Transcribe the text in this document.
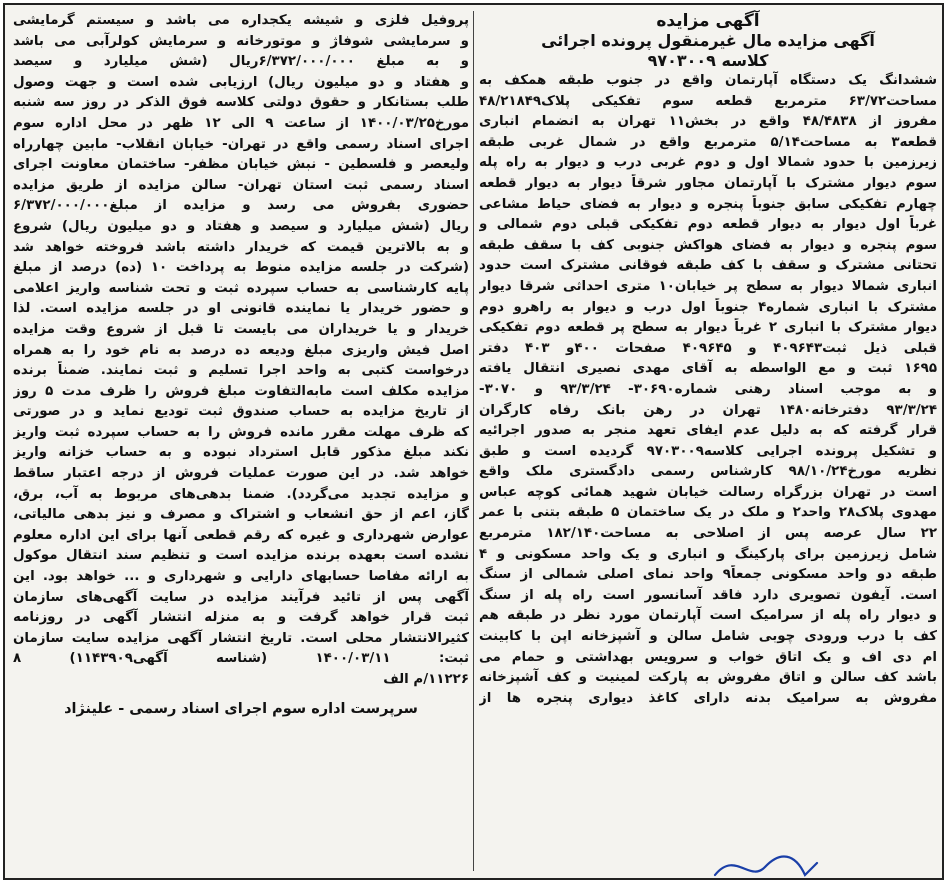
آگهی مزایده
آگهی مزایده مال غیرمنقول پرونده اجرائی
کلاسه ۹۷۰۳۰۰۹
ششدانگ یک دستگاه آپارتمان واقع در جنوب طبقه همکف به
مساحت۶۳/۷۲ مترمربع قطعه سوم تفکیکی پلاک۴۸/۲۱۸۴۹
مفروز از ۴۸/۴۸۳۸ واقع در بخش۱۱ تهران به انضمام انباری
قطعه۳ به مساحت۵/۱۴ مترمربع واقع در شمال غربی طبقه
زیرزمین با حدود شمالا اول و دوم غربی درب و دیوار به راه پله
سوم دیوار مشترک با آپارتمان مجاور شرقاً دیوار به دیوار قطعه
چهارم تفکیکی سابق جنوباً پنجره و دیوار به فضای حیاط مشاعی
غرباً اول دیوار به دیوار قطعه دوم تفکیکی قبلی دوم شمالی و
سوم پنجره و دیوار به فضای هواکش جنوبی کف با سقف طبقه
تحتانی مشترک و سقف با کف طبقه فوقانی مشترک است حدود
انباری شمالا دیوار به سطح پر خیابان۱۰ متری احداثی شرقا دیوار
مشترک با انباری شماره۴ جنوباً اول درب و دیوار به راهرو دوم
دیوار مشترک با انباری ۲ غرباً دیوار به سطح پر قطعه دوم تفکیکی
قبلی ذیل ثبت۴۰۹۶۴۳ و ۴۰۹۶۴۵ صفحات ۴۰۰و ۴۰۳ دفتر
۱۶۹۵ ثبت و مع الواسطه به آقای مهدی نصیری انتقال یافته
و به موجب اسناد رهنی شماره۳۰۶۹۰- ۹۳/۳/۲۴ و ۳۰۷۰-
۹۳/۳/۲۴ دفترخانه۱۴۸۰ تهران در رهن بانک رفاه کارگران
قرار گرفته که به دلیل عدم ایفای تعهد منجر به صدور اجرائیه
و تشکیل پرونده اجرایی کلاسه۹۷۰۳۰۰۹ گردیده است و طبق
نظریه مورخ۹۸/۱۰/۲۴ کارشناس رسمی دادگستری ملک واقع
است در تهران بزرگراه رسالت خیابان شهید همائی کوچه عباس
مهدوی پلاک۲۸ واحد۲ و ملک در یک ساختمان ۵ طبقه بتنی با عمر
۲۲ سال عرصه پس از اصلاحی به مساحت۱۸۲/۱۴۰ مترمربع
شامل زیرزمین برای پارکینگ و انباری و یک واحد مسکونی و ۴
طبقه دو واحد مسکونی جمعاً۹ واحد نمای اصلی شمالی از سنگ
است. آیفون تصویری دارد فاقد آسانسور است راه پله از سنگ
و دیوار راه پله از سرامیک است آپارتمان مورد نظر در طبقه هم
کف با درب ورودی چوبی شامل سالن و آشپزخانه اپن با کابینت
ام دی اف و یک اتاق خواب و سرویس بهداشتی و حمام می
باشد کف سالن و اتاق مفروش به پارکت لمینیت و کف آشپزخانه
مفروش به سرامیک بدنه دارای کاغذ دیواری پنجره ها از
پروفیل فلزی و شیشه یکجداره می باشد و سیستم گرمایشی
و سرمایشی شوفاژ و موتورخانه و سرمایش کولرآبی می باشد
و به مبلغ ۶/۳۷۲/۰۰۰/۰۰۰ریال (شش میلیارد و سیصد
و هفتاد و دو میلیون ریال) ارزیابی شده است و جهت وصول
طلب بستانکار و حقوق دولتی کلاسه فوق الذکر در روز سه شنبه
مورخ۱۴۰۰/۰۳/۲۵ از ساعت ۹ الی ۱۲ ظهر در محل اداره سوم
اجرای اسناد رسمی واقع در تهران- خیابان انقلاب- مابین چهارراه
ولیعصر و فلسطین - نبش خیابان مظفر- ساختمان معاونت اجرای
اسناد رسمی ثبت استان تهران- سالن مزایده از طریق مزایده
حضوری بفروش می رسد و مزایده از مبلغ۶/۳۷۲/۰۰۰/۰۰۰
ریال (شش میلیارد و سیصد و هفتاد و دو میلیون ریال) شروع
و به بالاترین قیمت که خریدار داشته باشد فروخته خواهد شد
(شرکت در جلسه مزایده منوط به پرداخت ۱۰ (ده) درصد از مبلغ
پایه کارشناسی به حساب سپرده ثبت و تحت شناسه واریز اعلامی
و حضور خریدار یا نماینده قانونی او در جلسه مزایده است. لذا
خریدار و یا خریداران می بایست تا قبل از شروع وقت مزایده
اصل فیش واریزی مبلغ ودیعه ده درصد به نام خود را به همراه
درخواست کتبی به واحد اجرا تسلیم و ثبت نمایند. ضمناً برنده
مزایده مکلف است مابه‌التفاوت مبلغ فروش را ظرف مدت ۵ روز
از تاریخ مزایده به حساب صندوق ثبت تودیع نماید و در صورتی
که ظرف مهلت مقرر مانده فروش را به حساب سپرده ثبت واریز
نکند مبلغ مذکور قابل استرداد نبوده و به حساب خزانه واریز
خواهد شد. در این صورت عملیات فروش از درجه اعتبار ساقط
و مزایده تجدید می‌گردد). ضمنا بدهی‌های مربوط به آب، برق،
گاز، اعم از حق انشعاب و اشتراک و مصرف و نیز بدهی مالیاتی،
عوارض شهرداری و غیره که رقم قطعی آنها برای این اداره معلوم
نشده است بعهده برنده مزایده است و تنظیم سند انتقال موکول
به ارائه مفاصا حسابهای دارایی و شهرداری و ... خواهد بود. این
آگهی پس از تائید فرآیند مزایده در سایت آگهی‌های سازمان
ثبت قرار خواهد گرفت و به منزله انتشار آگهی در روزنامه
کثیرالانتشار محلی است. تاریخ انتشار آگهی مزایده سایت سازمان
ثبت: ۱۴۰۰/۰۳/۱۱ (شناسه آگهی۱۱۴۳۹۰۹) ۸
۱۱۲۲۶/م الف
سرپرست اداره سوم اجرای اسناد رسمی - علینژاد
